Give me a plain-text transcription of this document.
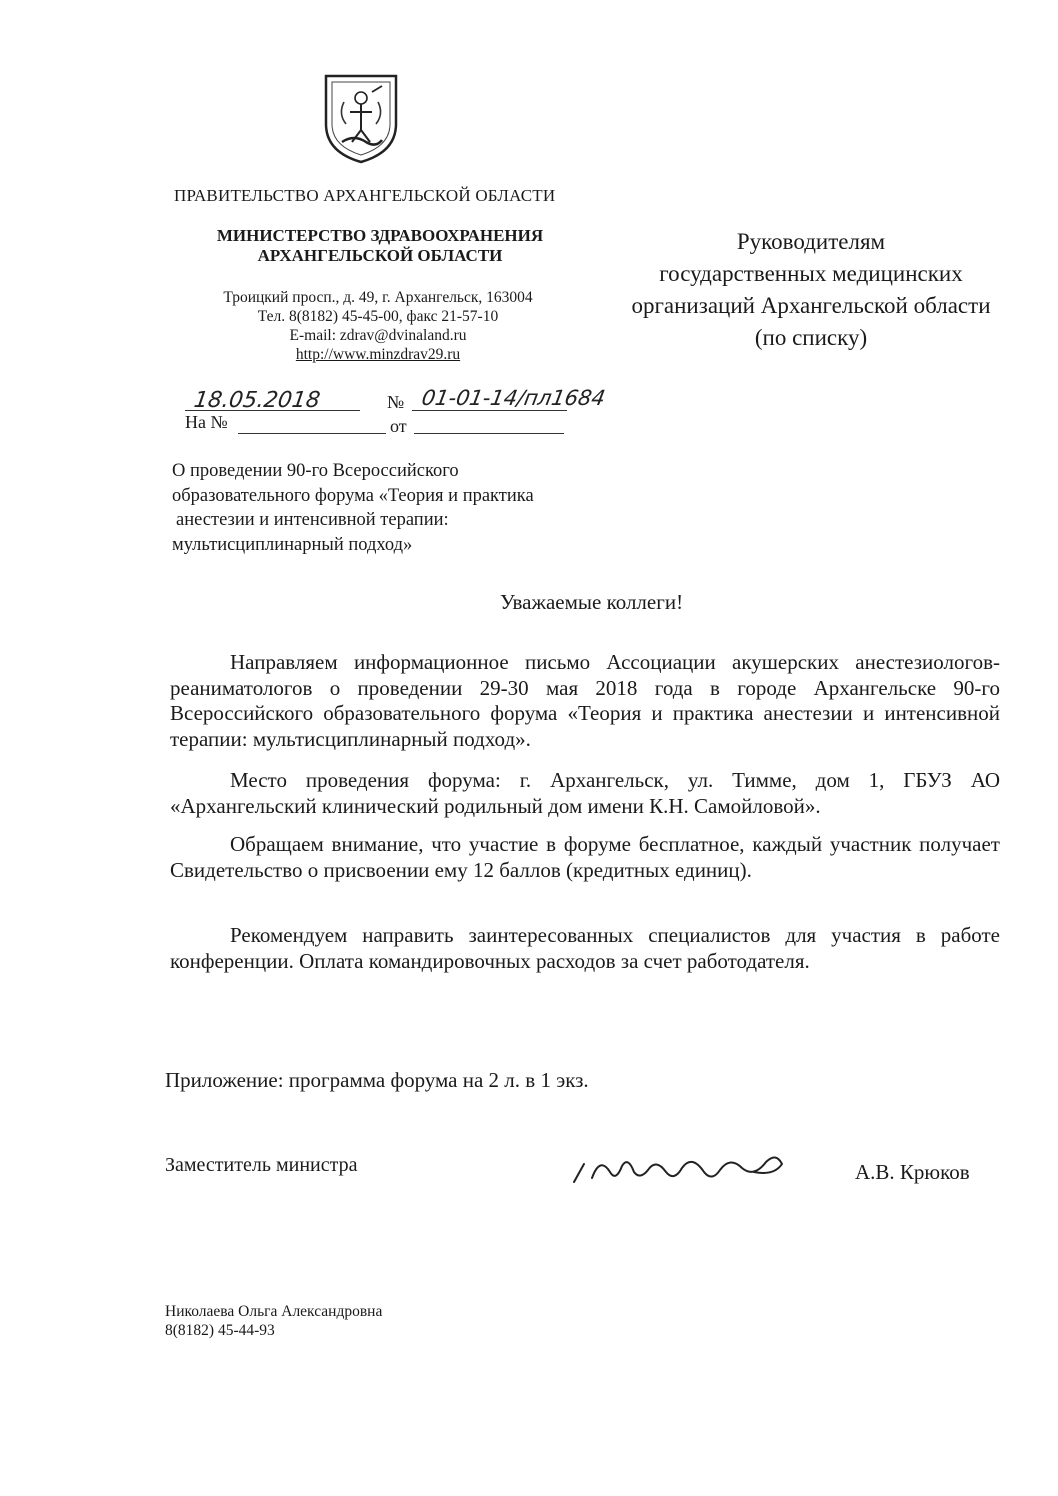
ПРАВИТЕЛЬСТВО АРХАНГЕЛЬСКОЙ ОБЛАСТИ
МИНИСТЕРСТВО ЗДРАВООХРАНЕНИЯ
АРХАНГЕЛЬСКОЙ ОБЛАСТИ
Троицкий просп., д. 49, г. Архангельск, 163004
Тел. 8(8182) 45-45-00, факс 21-57-10
E-mail: zdrav@dvinaland.ru
http://www.minzdrav29.ru
Руководителям
государственных медицинских
организаций Архангельской области
(по списку)
18.05.2018	№ 01-01-14/пл1684
На №	от
О проведении 90-го Всероссийского
образовательного форума «Теория и практика
анестезии и интенсивной терапии:
мультисциплинарный подход»
Уважаемые коллеги!

Направляем информационное письмо Ассоциации акушерских анестезиологов-реаниматологов о проведении 29-30 мая 2018 года в городе Архангельске 90-го Всероссийского образовательного форума «Теория и практика анестезии и интенсивной терапии: мультисциплинарный подход».

Место проведения форума: г. Архангельск, ул. Тимме, дом 1, ГБУЗ АО «Архангельский клинический родильный дом имени К.Н. Самойловой».

Обращаем внимание, что участие в форуме бесплатное, каждый участник получает Свидетельство о присвоении ему 12 баллов (кредитных единиц).

Рекомендуем направить заинтересованных специалистов для участия в работе конференции. Оплата командировочных расходов за счет работодателя.

Приложение: программа форума на 2 л. в 1 экз.
Заместитель министра	А.В. Крюков
Николаева Ольга Александровна
8(8182) 45-44-93
